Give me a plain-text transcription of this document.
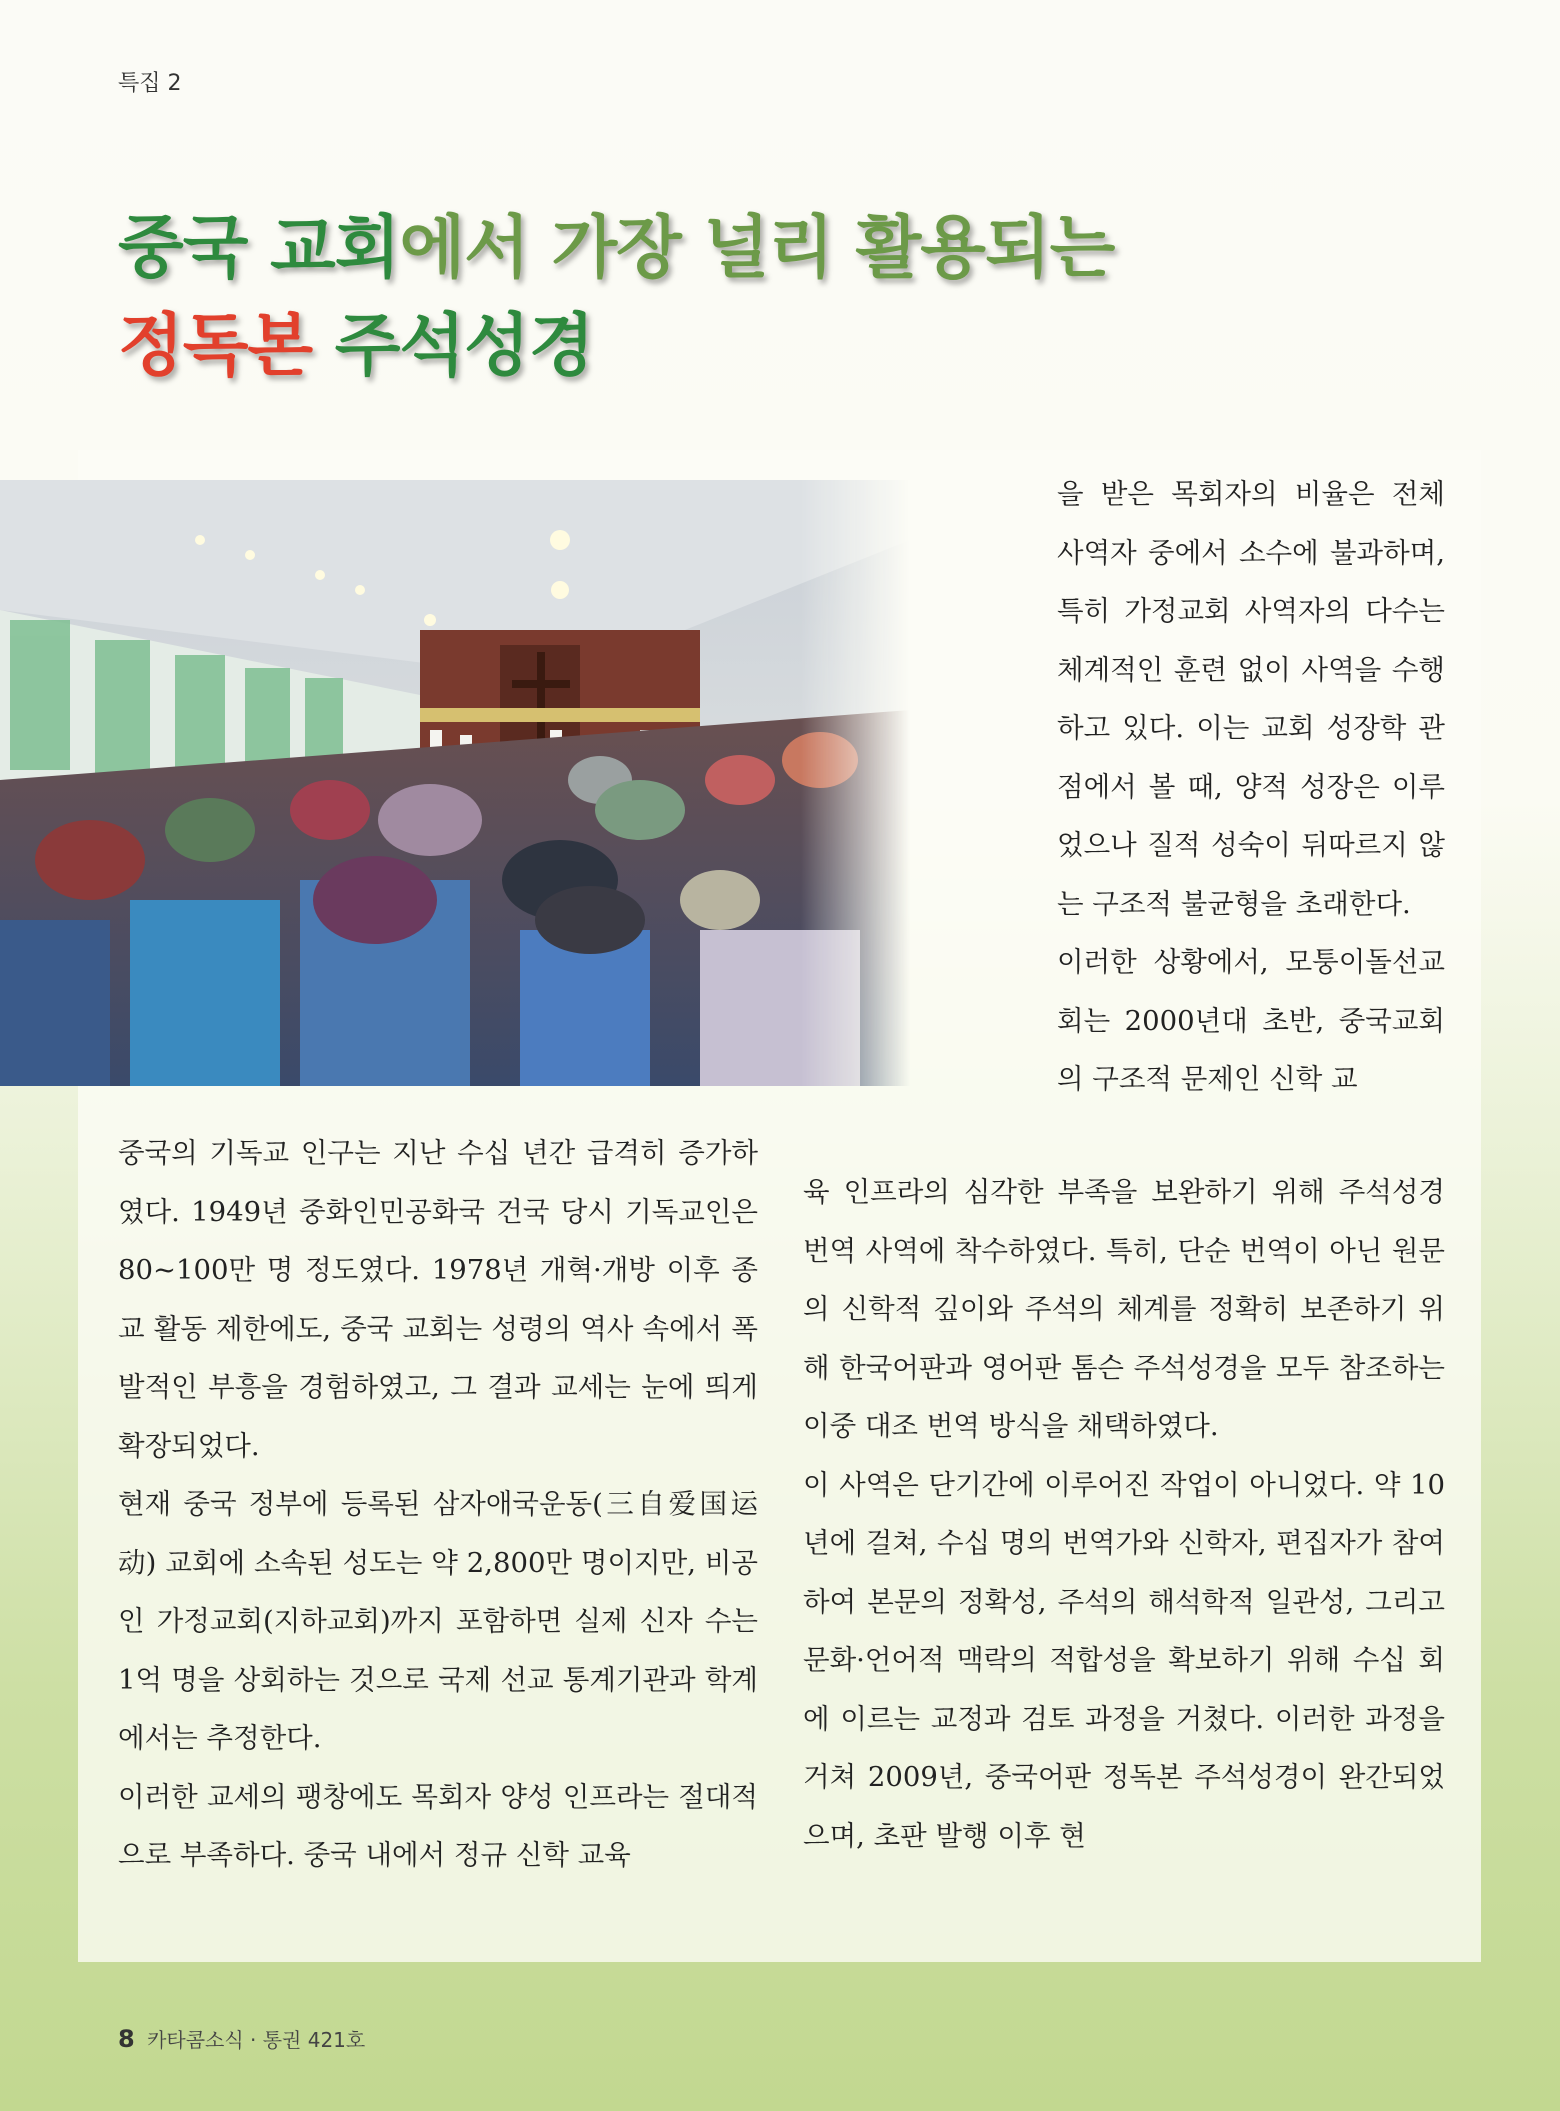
특집 2
중국 교회에서 가장 널리 활용되는
정독본 주석성경

을 받은 목회자의 비율은 전체 사역자 중에서 소수에 불과하며, 특히 가정교회 사역자의 다수는 체계적인 훈련 없이 사역을 수행하고 있다. 이는 교회 성장학 관점에서 볼 때, 양적 성장은 이루었으나 질적 성숙이 뒤따르지 않는 구조적 불균형을 초래한다.

이러한 상황에서, 모퉁이돌선교회는 2000년대 초반, 중국교회의 구조적 문제인 신학 교

중국의 기독교 인구는 지난 수십 년간 급격히 증가하였다. 1949년 중화인민공화국 건국 당시 기독교인은 80~100만 명 정도였다. 1978년 개혁·개방 이후 종교 활동 제한에도, 중국 교회는 성령의 역사 속에서 폭발적인 부흥을 경험하였고, 그 결과 교세는 눈에 띄게 확장되었다.

현재 중국 정부에 등록된 삼자애국운동(三自爱国运动) 교회에 소속된 성도는 약 2,800만 명이지만, 비공인 가정교회(지하교회)까지 포함하면 실제 신자 수는 1억 명을 상회하는 것으로 국제 선교 통계기관과 학계에서는 추정한다.

이러한 교세의 팽창에도 목회자 양성 인프라는 절대적으로 부족하다. 중국 내에서 정규 신학 교육

육 인프라의 심각한 부족을 보완하기 위해 주석성경 번역 사역에 착수하였다. 특히, 단순 번역이 아닌 원문의 신학적 깊이와 주석의 체계를 정확히 보존하기 위해 한국어판과 영어판 톰슨 주석성경을 모두 참조하는 이중 대조 번역 방식을 채택하였다.

이 사역은 단기간에 이루어진 작업이 아니었다. 약 10년에 걸쳐, 수십 명의 번역가와 신학자, 편집자가 참여하여 본문의 정확성, 주석의 해석학적 일관성, 그리고 문화·언어적 맥락의 적합성을 확보하기 위해 수십 회에 이르는 교정과 검토 과정을 거쳤다. 이러한 과정을 거쳐 2009년, 중국어판 정독본 주석성경이 완간되었으며, 초판 발행 이후 현

8 카타콤소식 · 통권 421호
